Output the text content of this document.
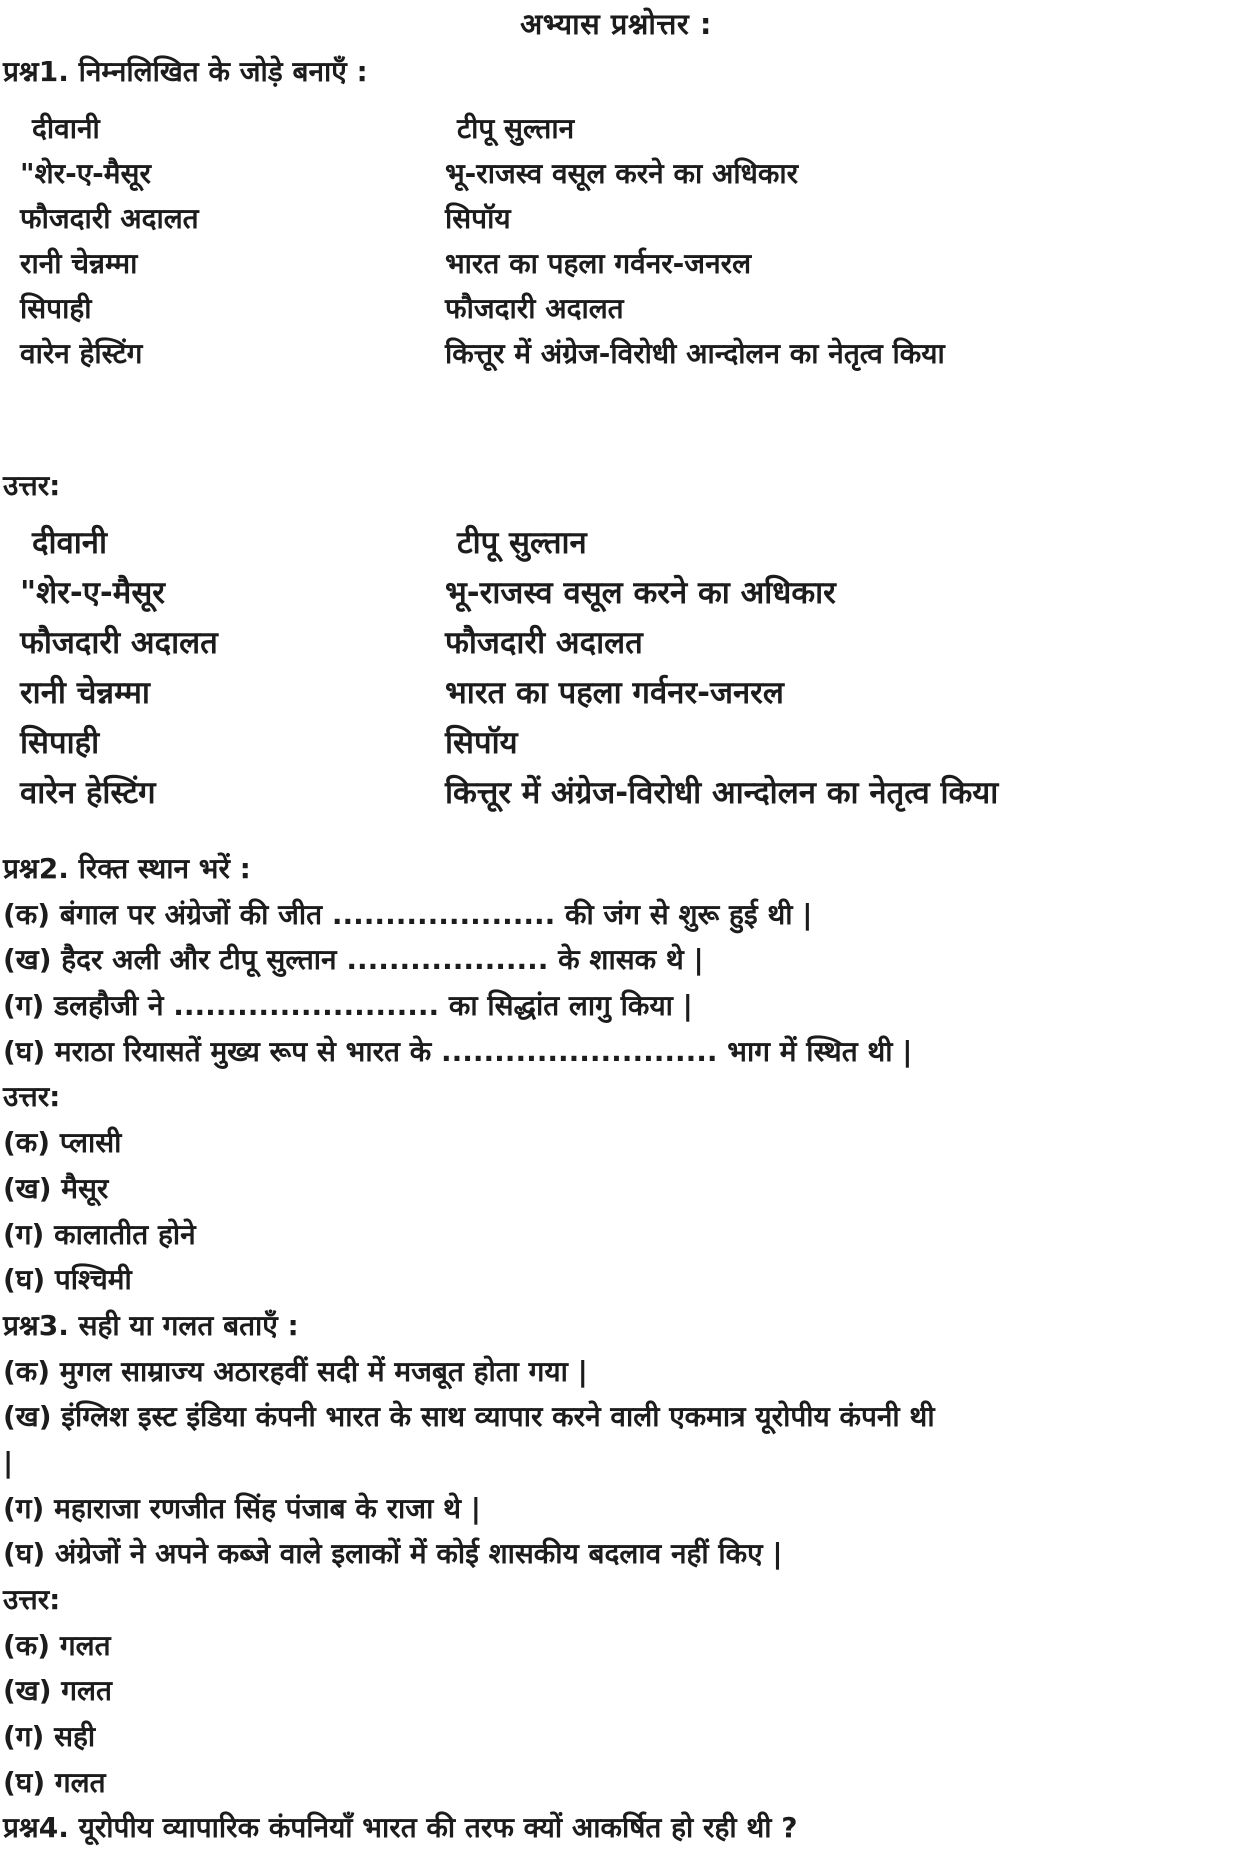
अभ्यास प्रश्नोत्तर :
प्रश्न1. निम्नलिखित के जोड़े बनाएँ :
दीवानी	टीपू सुल्तान
"शेर-ए-मैसूर	भू-राजस्व वसूल करने का अधिकार
फौजदारी अदालत	सिपॉय
रानी चेन्नम्मा	भारत का पहला गर्वनर-जनरल
सिपाही	फौजदारी अदालत
वारेन हेस्टिंग	कित्तूर में अंग्रेज-विरोधी आन्दोलन का नेतृत्व किया
उत्तर:
दीवानी	टीपू सुल्तान
"शेर-ए-मैसूर	भू-राजस्व वसूल करने का अधिकार
फौजदारी अदालत	फौजदारी अदालत
रानी चेन्नम्मा	भारत का पहला गर्वनर-जनरल
सिपाही	सिपॉय
वारेन हेस्टिंग	कित्तूर में अंग्रेज-विरोधी आन्दोलन का नेतृत्व किया
प्रश्न2. रिक्त स्थान भरें :
(क) बंगाल पर अंग्रेजों की जीत ..................... की जंग से शुरू हुई थी |
(ख) हैदर अली और टीपू सुल्तान ................... के शासक थे |
(ग) डलहौजी ने ......................... का सिद्धांत लागु किया |
(घ) मराठा रियासतें मुख्य रूप से भारत के .......................... भाग में स्थित थी |
उत्तर:
(क) प्लासी
(ख) मैसूर
(ग) कालातीत होने
(घ) पश्चिमी
प्रश्न3. सही या गलत बताएँ :
(क) मुगल साम्राज्य अठारहवीं सदी में मजबूत होता गया |
(ख) इंग्लिश इस्ट इंडिया कंपनी भारत के साथ व्यापार करने वाली एकमात्र यूरोपीय कंपनी थी
|
(ग) महाराजा रणजीत सिंह पंजाब के राजा थे |
(घ) अंग्रेजों ने अपने कब्जे वाले इलाकों में कोई शासकीय बदलाव नहीं किए |
उत्तर:
(क) गलत
(ख) गलत
(ग) सही
(घ) गलत
प्रश्न4. यूरोपीय व्यापारिक कंपनियाँ भारत की तरफ क्यों आकर्षित हो रही थी ?
